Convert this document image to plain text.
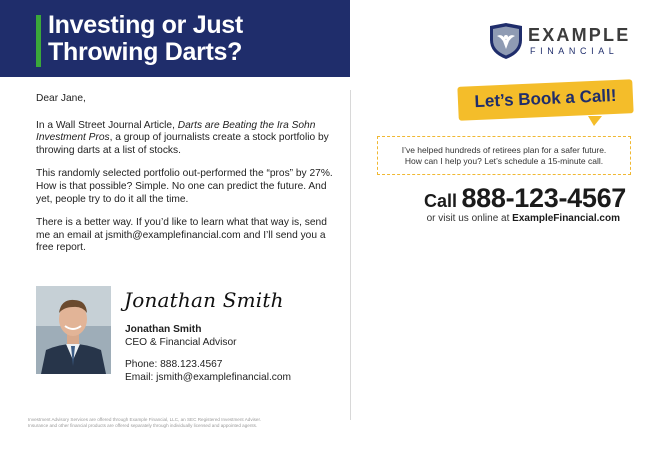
Investing or Just
Throwing Darts?

Dear Jane,

In a Wall Street Journal Article, Darts are Beating the Ira Sohn Investment Pros, a group of journalists create a stock portfolio by throwing darts at a list of stocks.

This randomly selected portfolio out-performed the “pros” by 27%. How is that possible? Simple. No one can predict the future. And yet, people try to do it all the time.

There is a better way. If you’d like to learn what that way is, send me an email at jsmith@examplefinancial.com and I’ll send you a free report.

Jonathan Smith
Jonathan Smith
CEO & Financial Advisor
Phone: 888.123.4567
Email: jsmith@examplefinancial.com
Investment Advisory Services are offered through Example Financial, LLC, an SEC Registered Investment Adviser.
Insurance and other financial products are offered separately through individually licensed and appointed agents.
EXAMPLE
FINANCIAL
Let’s Book a Call!
I’ve helped hundreds of retirees plan for a safer future.
How can I help you? Let’s schedule a 15-minute call.
Call 888-123-4567
or visit us online at ExampleFinancial.com
